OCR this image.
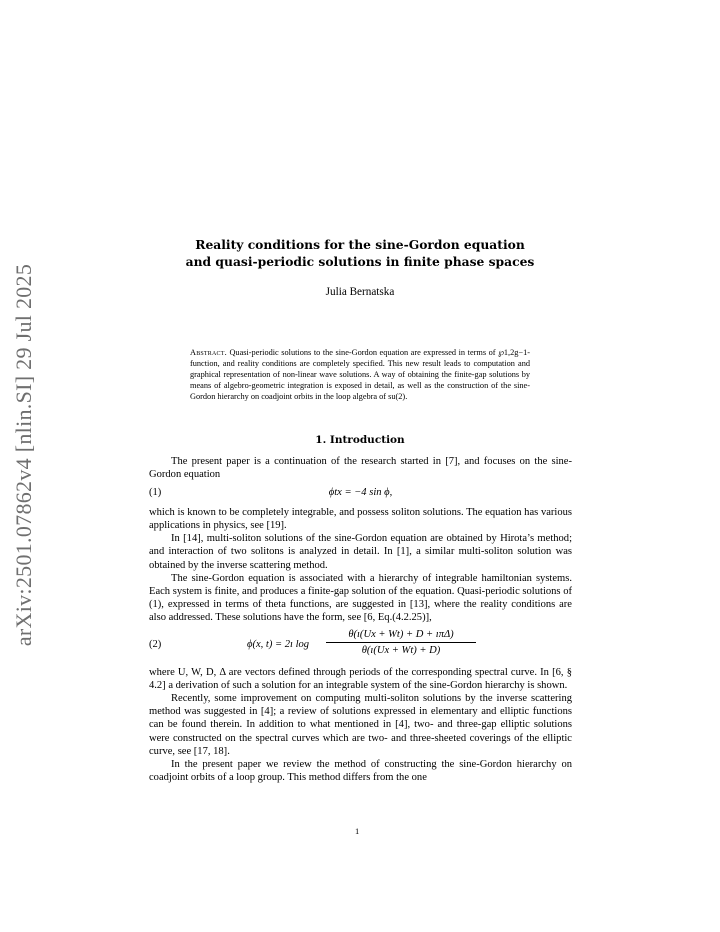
arXiv:2501.07862v4 [nlin.SI] 29 Jul 2025
Reality conditions for the sine-Gordon equation
and quasi-periodic solutions in finite phase spaces
Julia Bernatska
Abstract. Quasi-periodic solutions to the sine-Gordon equation are expressed in terms of ℘1,2g−1-function, and reality conditions are completely specified. This new result leads to computation and graphical representation of non-linear wave solutions. A way of obtaining the finite-gap solutions by means of algebro-geometric integration is exposed in detail, as well as the construction of the sine-Gordon hierarchy on coadjoint orbits in the loop algebra of su(2).
1. Introduction

The present paper is a continuation of the research started in [7], and focuses on the sine-Gordon equation

(1)	ϕtx = −4 sin ϕ,

which is known to be completely integrable, and possess soliton solutions. The equation has various applications in physics, see [19].

In [14], multi-soliton solutions of the sine-Gordon equation are obtained by Hirota’s method; and interaction of two solitons is analyzed in detail. In [1], a similar multi-soliton solution was obtained by the inverse scattering method.

The sine-Gordon equation is associated with a hierarchy of integrable hamiltonian systems. Each system is finite, and produces a finite-gap solution of the equation. Quasi-periodic solutions of (1), expressed in terms of theta functions, are suggested in [13], where the reality conditions are also addressed. These solutions have the form, see [6, Eq.(4.2.25)],

(2)	ϕ(x, t) = 2ı log
θ(ı(Ux + Wt) + D + ıπΔ)
θ(ı(Ux + Wt) + D)

where U, W, D, Δ are vectors defined through periods of the corresponding spectral curve. In [6, § 4.2] a derivation of such a solution for an integrable system of the sine-Gordon hierarchy is shown.

Recently, some improvement on computing multi-soliton solutions by the inverse scattering method was suggested in [4]; a review of solutions expressed in elementary and elliptic functions can be found therein. In addition to what mentioned in [4], two- and three-gap elliptic solutions were constructed on the spectral curves which are two- and three-sheeted coverings of the elliptic curve, see [17, 18].

In the present paper we review the method of constructing the sine-Gordon hierarchy on coadjoint orbits of a loop group. This method differs from the one

1
